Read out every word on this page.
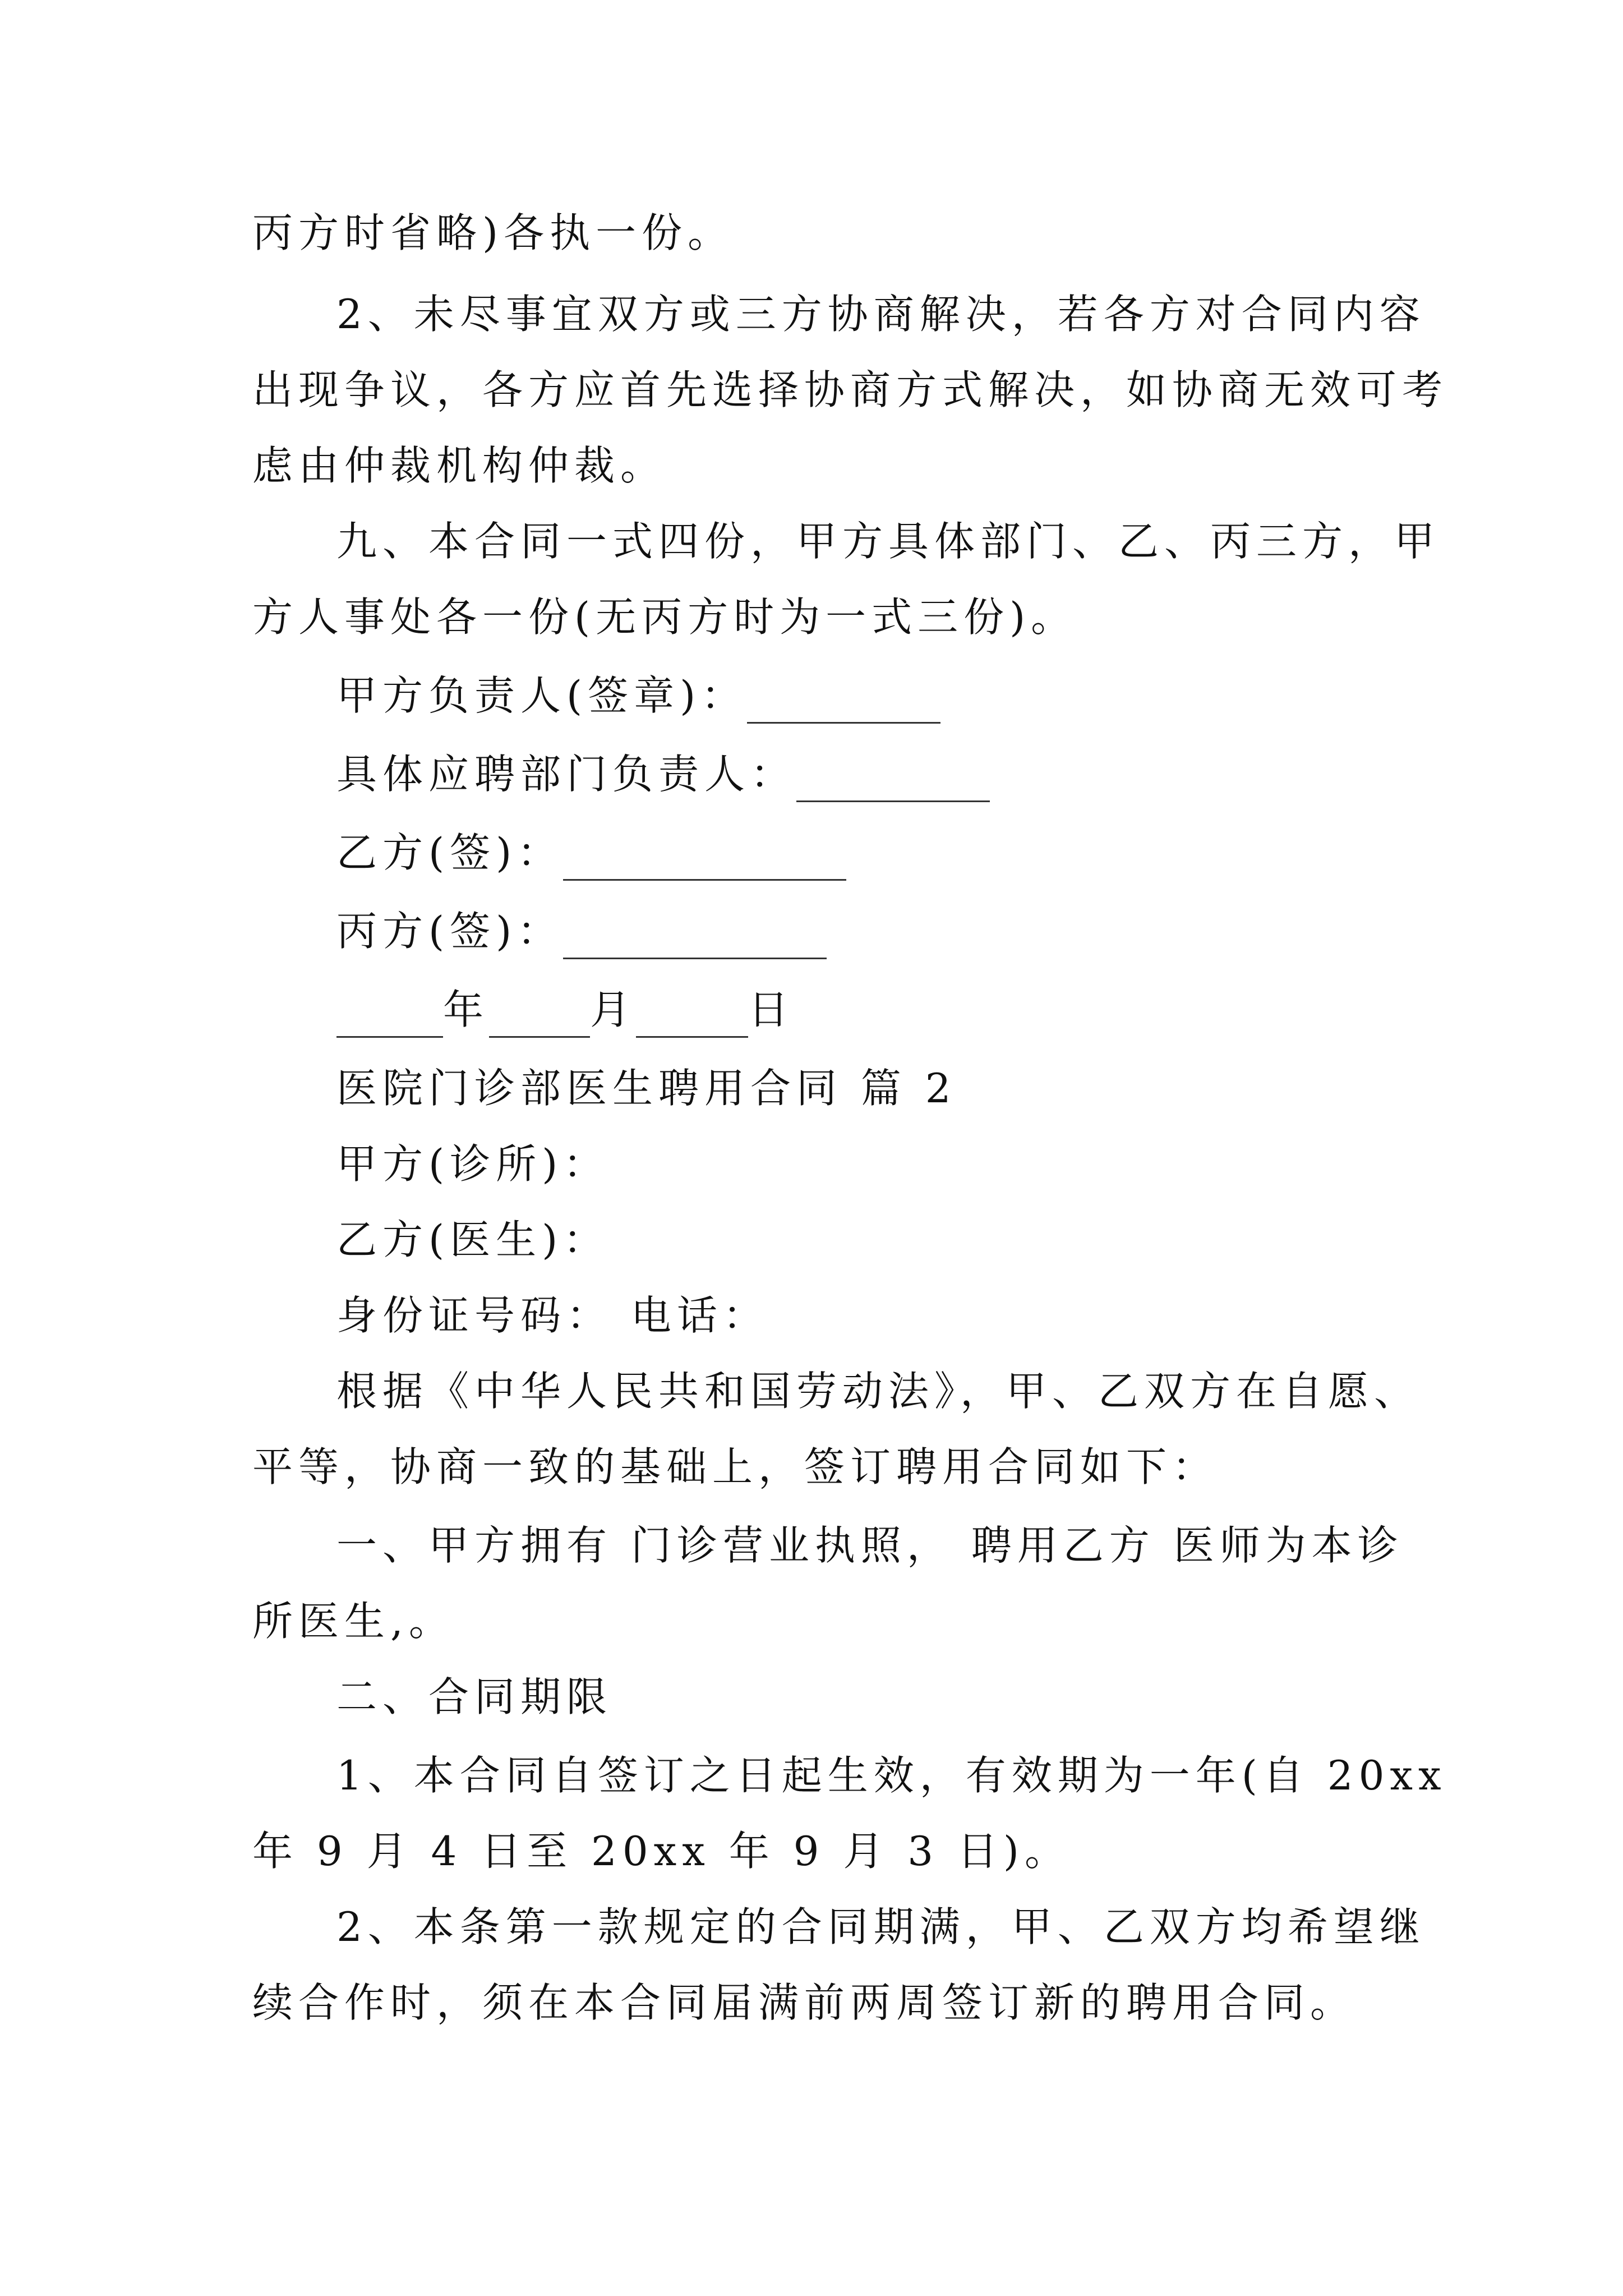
丙方时省略)各执一份。
2、未尽事宜双方或三方协商解决，若各方对合同内容
出现争议，各方应首先选择协商方式解决，如协商无效可考
虑由仲裁机构仲裁。
九、本合同一式四份，甲方具体部门、乙、丙三方，甲
方人事处各一份(无丙方时为一式三份)。
甲方负责人(签章)：
具体应聘部门负责人：
乙方(签)：
丙方(签)：
年	月	日
医院门诊部医生聘用合同 篇 2
甲方(诊所)：
乙方(医生)：
身份证号码： 电话：
根据《中华人民共和国劳动法》，甲、乙双方在自愿、
平等，协商一致的基础上，签订聘用合同如下：
一、甲方拥有 门诊营业执照， 聘用乙方 医师为本诊
所医生,。
二、合同期限
1、本合同自签订之日起生效，有效期为一年(自 20xx
年 9 月 4 日至 20xx 年 9 月 3 日)。
2、本条第一款规定的合同期满，甲、乙双方均希望继
续合作时，须在本合同届满前两周签订新的聘用合同。
